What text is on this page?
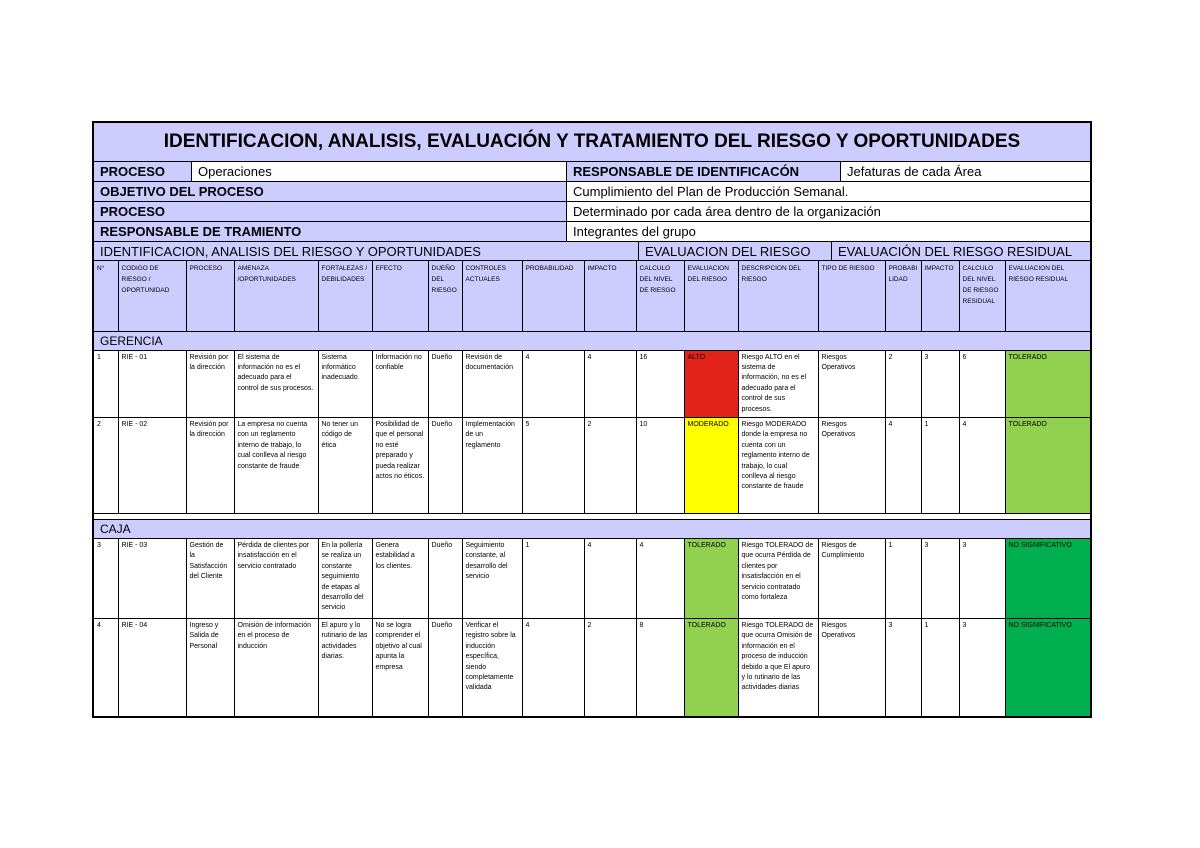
IDENTIFICACION, ANALISIS, EVALUACIÓN Y TRATAMIENTO DEL RIESGO Y OPORTUNIDADES
PROCESO	Operaciones	RESPONSABLE DE IDENTIFICACÓN	Jefaturas de cada Área
OBJETIVO DEL PROCESO	Cumplimiento del Plan de Producción Semanal.
PROCESO	Determinado por cada área dentro de la organización
RESPONSABLE DE TRAMIENTO	Integrantes del grupo
IDENTIFICACION, ANALISIS DEL RIESGO Y OPORTUNIDADES	EVALUACION DEL RIESGO	EVALUACIÓN DEL RIESGO RESIDUAL
N°	CODIGO DE RIESGO / OPORTUNIDAD	PROCESO	AMENAZA /OPORTUNIDADES	FORTALEZAS / DEBILIDADES	EFECTO	DUEÑO DEL RIESGO	CONTROLES ACTUALES	PROBABILIDAD	IMPACTO	CALCULO DEL NIVEL DE RIESGO	EVALUACION DEL RIESGO	DESCRIPCION DEL RIESGO	TIPO DE RIESGO	PROBABILIDAD	IMPACTO	CALCULO DEL NIVEL DE RIESGO RESIDUAL	EVALUACION DEL RIESGO RESIDUAL
GERENCIA																	
1	RIE - 01	Revisión por la dirección	El sistema de información no es el adecuado para el control de sus procesos.	Sistema informático inadecuado	Información no confiable	Dueño	Revisión de documentación	4	4	16	ALTO	Riesgo ALTO en el sistema de información, no es el adecuado para el control de sus procesos.	Riesgos Operativos	2	3	6	TOLERADO
2	RIE - 02	Revisión por la dirección	La empresa no cuenta con un reglamento interno de trabajo, lo cual conlleva al riesgo constante de fraude	No tener un código de ética	Posibilidad de que el personal no esté preparado y pueda realizar actos no éticos.	Dueño	Implementación de un reglamento	5	2	10	MODERADO	Riesgo MODERADO donde la empresa no cuenta con un reglamento interno de trabajo, lo cual conlleva al riesgo constante de fraude	Riesgos Operativos	4	1	4	TOLERADO

CAJA																	
3	RIE - 03	Gestión de la Satisfacción del Cliente	Pérdida de clientes por insatisfacción en el servicio contratado	En la pollería se realiza un constante seguimiento de etapas al desarrollo del servicio	Genera estabilidad a los clientes.	Dueño	Seguimiento constante, al desarrollo del servicio	1	4	4	TOLERADO	Riesgo TOLERADO de que ocurra Pérdida de clientes por insatisfacción en el servicio contratado como fortaleza	Riesgos de Cumplimiento	1	3	3	NO SIGNIFICATIVO
4	RIE - 04	Ingreso y Salida de Personal	Omisión de información en el proceso de inducción	El apuro y lo rutinario de las actividades diarias.	No se logra comprender el objetivo al cual apunta la empresa	Dueño	Verificar el registro sobre la inducción específica, siendo completamente validada	4	2	8	TOLERADO	Riesgo TOLERADO de que ocurra Omisión de información en el proceso de inducción debido a que El apuro y lo rutinario de las actividades diarias	Riesgos Operativos	3	1	3	NO SIGNIFICATIVO
